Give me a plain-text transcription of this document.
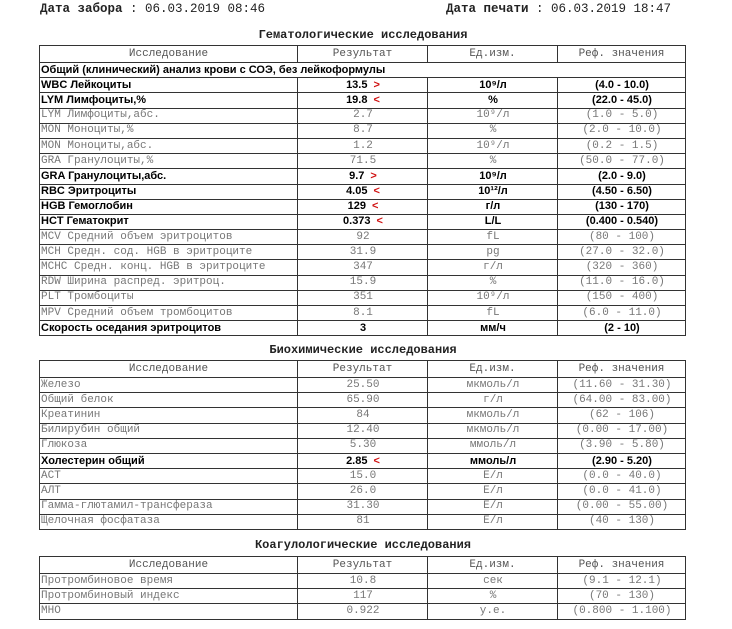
Дата забора : 06.03.2019 08:46	Дата печати : 06.03.2019 18:47
Гематологические исследования
Исследование	Результат	Ед.изм.	Реф. значения
Общий (клинический) анализ крови с СОЭ, без лейкоформулы			
WBC Лейкоциты	13.5 >	10⁹/л	(4.0 - 10.0)
LYM Лимфоциты,%	19.8 <	%	(22.0 - 45.0)
LYM Лимфоциты,абс.	2.7	10⁹/л	(1.0 - 5.0)
MON Моноциты,%	8.7	%	(2.0 - 10.0)
MON Моноциты,абс.	1.2	10⁹/л	(0.2 - 1.5)
GRA Гранулоциты,%	71.5	%	(50.0 - 77.0)
GRA Гранулоциты,абс.	9.7 >	10⁹/л	(2.0 - 9.0)
RBC Эритроциты	4.05 <	10¹²/л	(4.50 - 6.50)
HGB Гемоглобин	129 <	г/л	(130 - 170)
HCT Гематокрит	0.373 <	L/L	(0.400 - 0.540)
MCV Средний объем эритроцитов	92	fL	(80 - 100)
MCH Средн. сод. HGB в эритроците	31.9	pg	(27.0 - 32.0)
MCHC Средн. конц. HGB в эритроците	347	г/л	(320 - 360)
RDW Ширина распред. эритроц.	15.9	%	(11.0 - 16.0)
PLT Тромбоциты	351	10⁹/л	(150 - 400)
MPV Средний объем тромбоцитов	8.1	fL	(6.0 - 11.0)
Скорость оседания эритроцитов	3	мм/ч	(2 - 10)
Биохимические исследования
Исследование	Результат	Ед.изм.	Реф. значения
Железо	25.50	мкмоль/л	(11.60 - 31.30)
Общий белок	65.90	г/л	(64.00 - 83.00)
Креатинин	84	мкмоль/л	(62 - 106)
Билирубин общий	12.40	мкмоль/л	(0.00 - 17.00)
Глюкоза	5.30	ммоль/л	(3.90 - 5.80)
Холестерин общий	2.85 <	ммоль/л	(2.90 - 5.20)
АСТ	15.0	Е/л	(0.0 - 40.0)
АЛТ	26.0	Е/л	(0.0 - 41.0)
Гамма-глютамил-трансфераза	31.30	Е/л	(0.00 - 55.00)
Щелочная фосфатаза	81	Е/л	(40 - 130)
Коагулологические исследования
Исследование	Результат	Ед.изм.	Реф. значения
Протромбиновое время	10.8	сек	(9.1 - 12.1)
Протромбиновый индекс	117	%	(70 - 130)
МНО	0.922	у.е.	(0.800 - 1.100)
